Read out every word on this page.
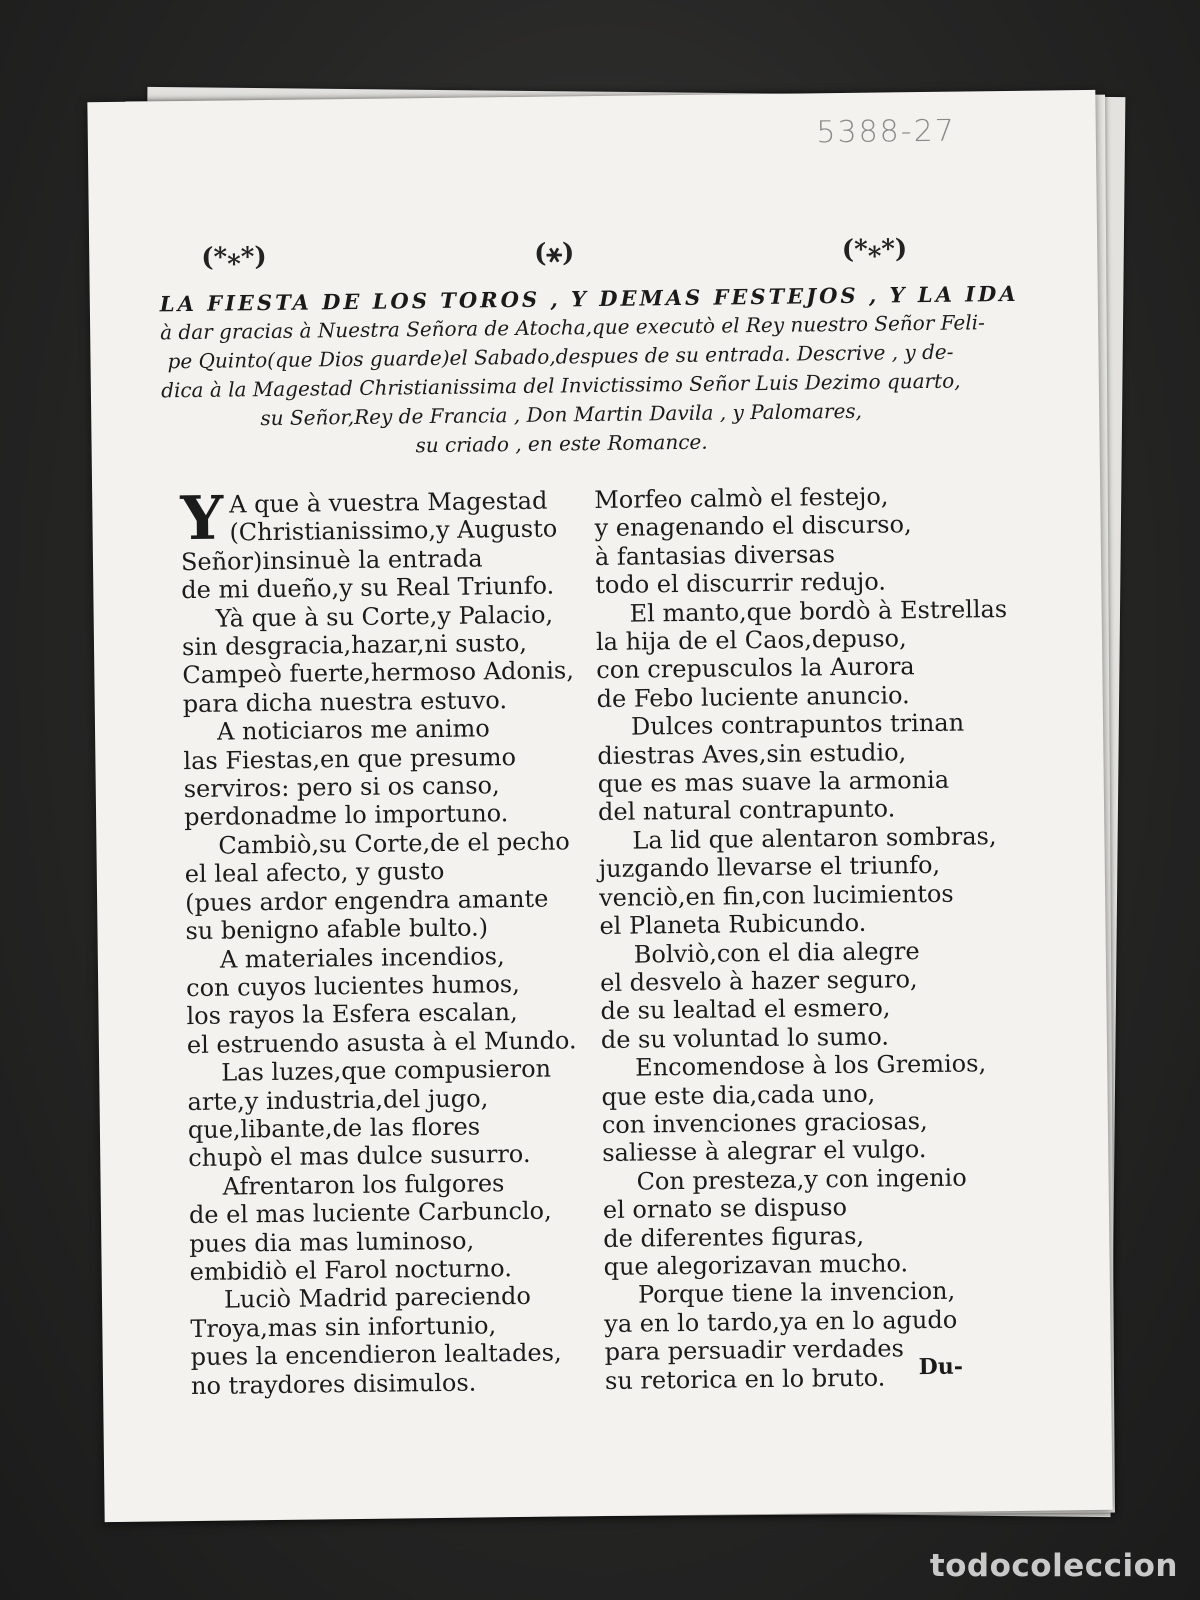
5388-27
(*⁎*)	(⚹)	(*⁎*)
LA FIESTA DE LOS TOROS , Y DEMAS FESTEJOS , Y LA IDA
à dar gracias à Nuestra Señora de Atocha,que executò el Rey nuestro Señor Feli-
pe Quinto(que Dios guarde)el Sabado,despues de su entrada. Descrive , y de-
dica à la Magestad Christianissima del Invictissimo Señor Luis Dezimo quarto,
su Señor,Rey de Francia , Don Martin Davila , y Palomares,
su criado , en este Romance.
Y A que à vuestra Magestad
(Christianissimo,y Augusto
Señor)insinuè la entrada
de mi dueño,y su Real Triunfo.
Yà que à su Corte,y Palacio,
sin desgracia,hazar,ni susto,
Campeò fuerte,hermoso Adonis,
para dicha nuestra estuvo.
A noticiaros me animo
las Fiestas,en que presumo
serviros: pero si os canso,
perdonadme lo importuno.
Cambiò,su Corte,de el pecho
el leal afecto, y gusto
(pues ardor engendra amante
su benigno afable bulto.)
A materiales incendios,
con cuyos lucientes humos,
los rayos la Esfera escalan,
el estruendo asusta à el Mundo.
Las luzes,que compusieron
arte,y industria,del jugo,
que,libante,de las flores
chupò el mas dulce susurro.
Afrentaron los fulgores
de el mas luciente Carbunclo,
pues dia mas luminoso,
embidiò el Farol nocturno.
Luciò Madrid pareciendo
Troya,mas sin infortunio,
pues la encendieron lealtades,
no traydores disimulos.
Morfeo calmò el festejo,
y enagenando el discurso,
à fantasias diversas
todo el discurrir redujo.
El manto,que bordò à Estrellas
la hija de el Caos,depuso,
con crepusculos la Aurora
de Febo luciente anuncio.
Dulces contrapuntos trinan
diestras Aves,sin estudio,
que es mas suave la armonia
del natural contrapunto.
La lid que alentaron sombras,
juzgando llevarse el triunfo,
venciò,en fin,con lucimientos
el Planeta Rubicundo.
Bolviò,con el dia alegre
el desvelo à hazer seguro,
de su lealtad el esmero,
de su voluntad lo sumo.
Encomendose à los Gremios,
que este dia,cada uno,
con invenciones graciosas,
saliesse à alegrar el vulgo.
Con presteza,y con ingenio
el ornato se dispuso
de diferentes figuras,
que alegorizavan mucho.
Porque tiene la invencion,
ya en lo tardo,ya en lo agudo
para persuadir verdades
su retorica en lo bruto.	Du-
todocoleccion
